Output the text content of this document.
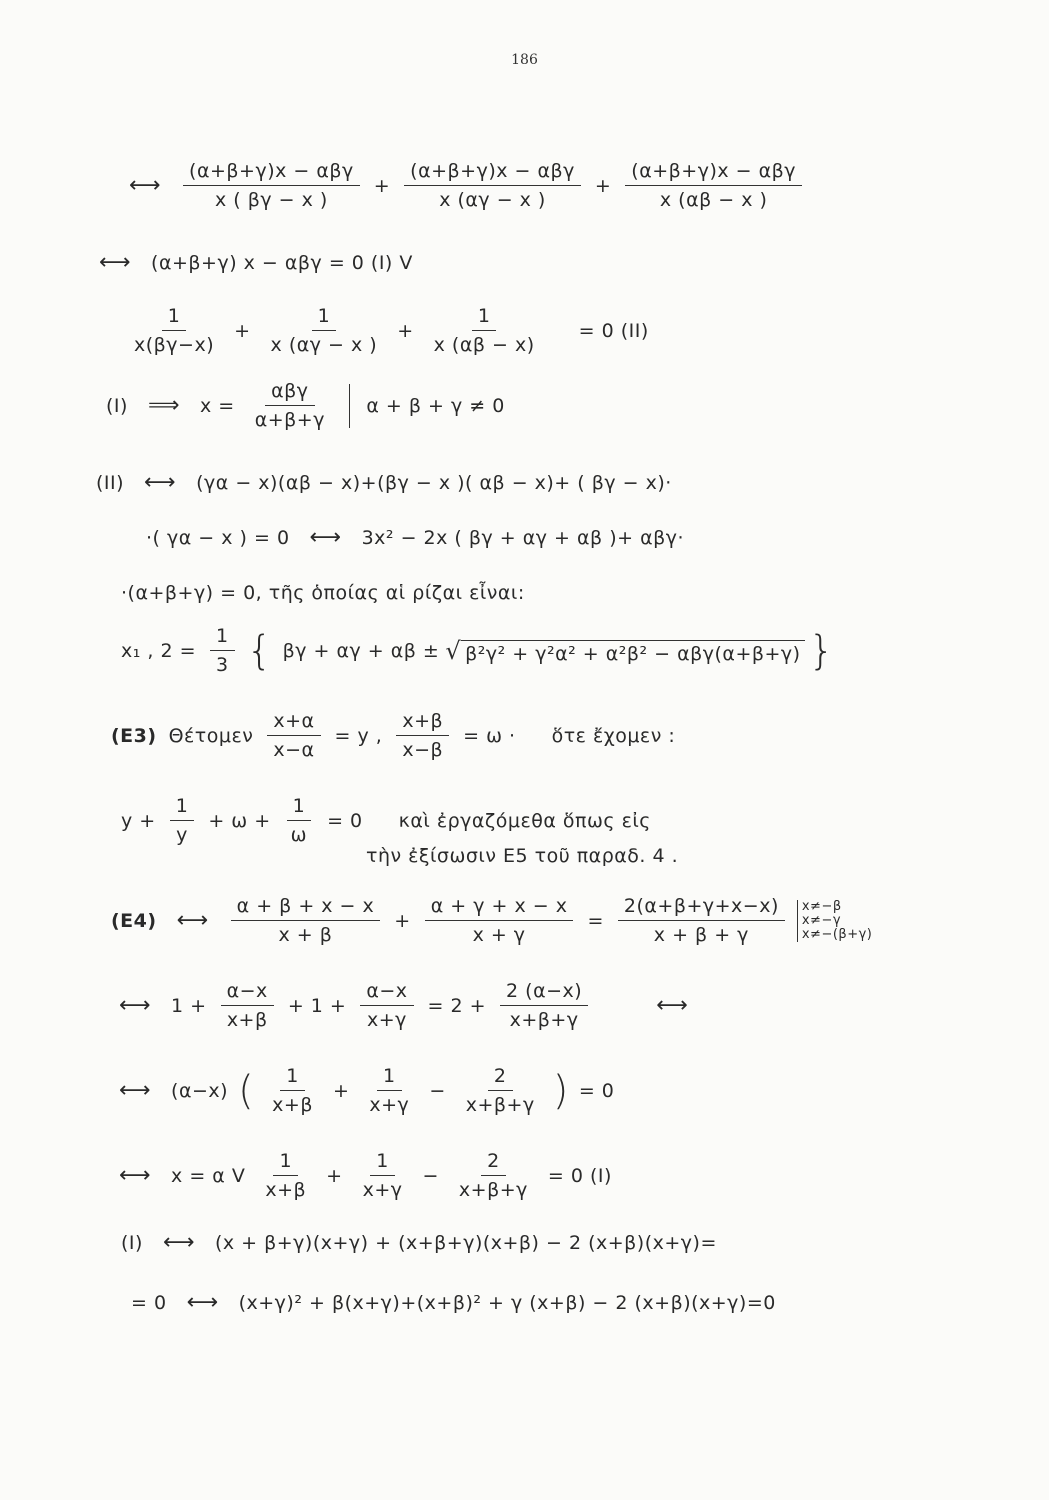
186
⟷ $\frac{\text{(α+β+γ)x − αβγ}}{x ( \beta\gamma - x )} + \frac{\text{(α+β+γ)x − αβγ}}{x (\alpha\gamma - x )} + \frac{\text{(α+β+γ)x − αβγ}}{x (\alpha\beta - x )}$
⟷ (α+β+γ) x − αβγ = 0 (I) V
$\frac{1}{x(\beta\gamma-x)} + \frac{1}{x (\alpha\gamma - x )} + \frac{1}{x (\alpha\beta - x)} = 0$ (II)
(I) ⟹ $x = \frac{\text{αβγ}}{\alpha+\beta+\gamma}$ α + β + γ ≠ 0
(II) ⟷ (γα − x)(αβ − x)+(βγ − x )( αβ − x)+ ( βγ − x)·
·( γα − x ) = 0 ⟷ 3x² − 2x ( βγ + αγ + αβ )+ αβγ·
·(α+β+γ) = 0, τῆς ὁποίας αἱ ρίζαι εἶναι:
x₁ , $2 = \frac{1}{3}$ { βγ + αγ + αβ ± √ β²γ² + γ²α² + α²β² − αβγ(α+β+γ) }
(E3) Θέτομεν $\frac{x+\alpha}{x-\alpha} = y$ , $\frac{x+\beta}{x-\beta} = \omega$ · ὅτε ἔχομεν :
$y + \frac{1}{y} + \omega + \frac{1}{\omega} = 0$ καὶ ἐργαζόμεθα ὅπως εἰς
τὴν ἐξίσωσιν E5 τοῦ παραδ. 4 .
(E4) ⟷ $\frac{\alpha + \beta + x - x}{x + \beta} + \frac{\alpha + \gamma + x - x}{x + \gamma} = \frac{2(\alpha+\beta+\gamma+x-x)}{x + \beta + \gamma} x\ne-\beta$
x≠−γ
x≠−(β+γ)
⟷ $1 + \frac{\alpha-x}{x+\beta} + 1 + \frac{\alpha-x}{x+\gamma} = 2 + \frac{2 (\alpha-x)}{x+\beta+\gamma}$	⟷
⟷ (α−x) ( $\frac{1}{x+\beta} + \frac{1}{x+\gamma} - \frac{2}{x+\beta+\gamma}$ ) = 0
⟷ x = α V $\frac{1}{x+\beta} + \frac{1}{x+\gamma} - \frac{2}{x+\beta+\gamma} = 0$ (I)
(I) ⟷ (x + β+γ)(x+γ) + (x+β+γ)(x+β) − 2 (x+β)(x+γ)=
= 0 ⟷ (x+γ)² + β(x+γ)+(x+β)² + γ (x+β) − 2 (x+β)(x+γ)=0
